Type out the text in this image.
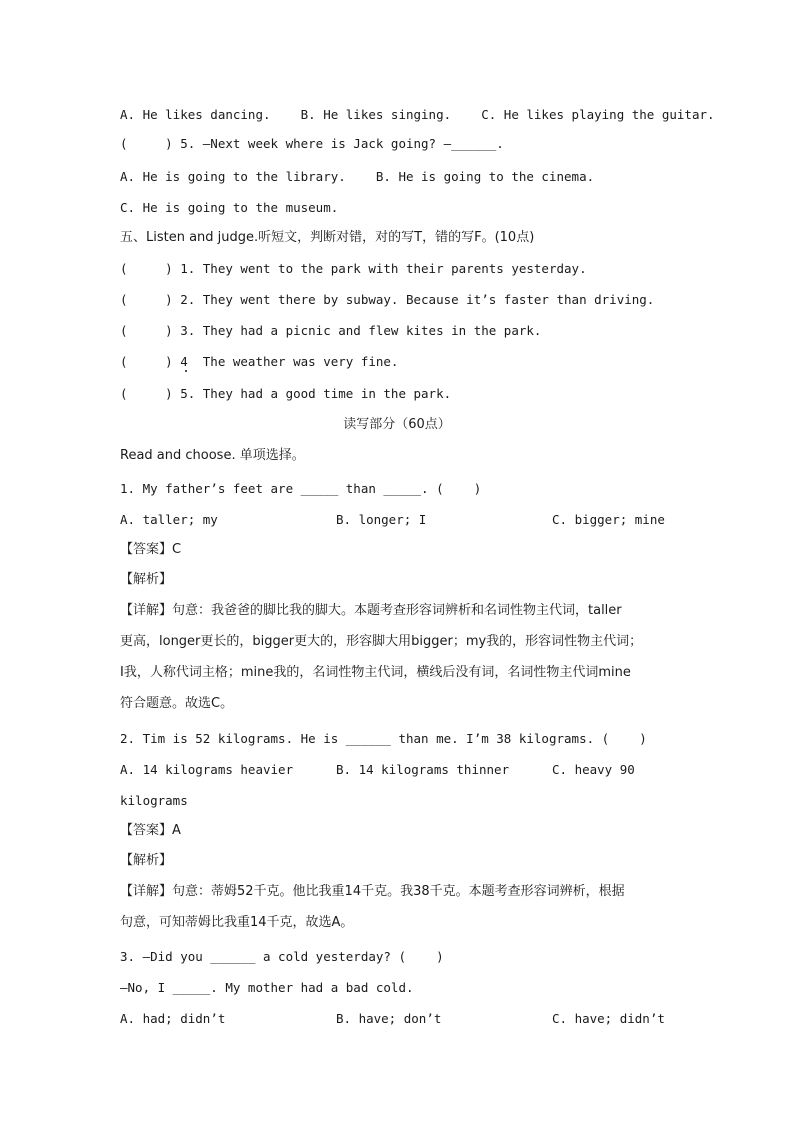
A. He likes dancing.    B. He likes singing.    C. He likes playing the guitar.
(     ) 5. —Next week where is Jack going? —______.
A. He is going to the library.    B. He is going to the cinema.
C. He is going to the museum.
五、Listen and judge.听短文，判断对错，对的写T，错的写F。(10点)
(     ) 1. They went to the park with their parents yesterday.
(     ) 2. They went there by subway. Because it’s faster than driving.
(     ) 3. They had a picnic and flew kites in the park.
(     ) 4  The weather was very fine.
(     ) 5. They had a good time in the park.
读写部分（60点）
Read and choose. 单项选择。
1. My father’s feet are _____ than _____. (    )
A. taller; my	B. longer; I	C. bigger; mine
【答案】C
【解析】
【详解】句意：我爸爸的脚比我的脚大。本题考查形容词辨析和名词性物主代词，taller
更高，longer更长的，bigger更大的，形容脚大用bigger；my我的，形容词性物主代词；
I我，人称代词主格；mine我的，名词性物主代词，横线后没有词，名词性物主代词mine
符合题意。故选C。
2. Tim is 52 kilograms. He is ______ than me. I’m 38 kilograms. (    )
A. 14 kilograms heavier	B. 14 kilograms thinner	C. heavy 90
kilograms
【答案】A
【解析】
【详解】句意：蒂姆52千克。他比我重14千克。我38千克。本题考查形容词辨析，根据
句意，可知蒂姆比我重14千克，故选A。
3. —Did you ______ a cold yesterday? (    )
—No, I _____. My mother had a bad cold.
A. had; didn’t	B. have; don’t	C. have; didn’t
